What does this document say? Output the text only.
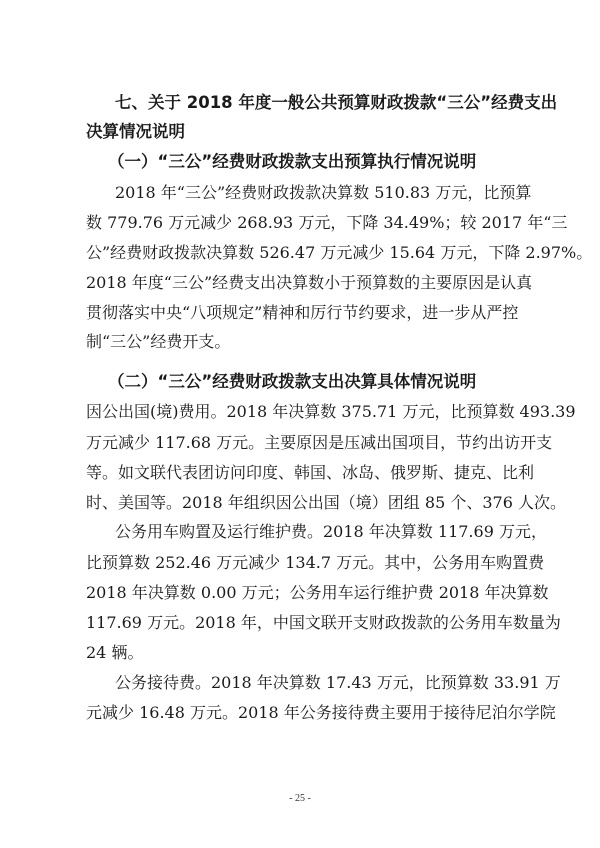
七、关于 2018 年度一般公共预算财政拨款“三公”经费支出
决算情况说明
（一）“三公”经费财政拨款支出预算执行情况说明
2018 年“三公”经费财政拨款决算数 510.83 万元，比预算
数 779.76 万元减少 268.93 万元，下降 34.49%；较 2017 年“三
公”经费财政拨款决算数 526.47 万元减少 15.64 万元，下降 2.97%。
2018 年度“三公”经费支出决算数小于预算数的主要原因是认真
贯彻落实中央“八项规定”精神和厉行节约要求，进一步从严控
制“三公”经费开支。
（二）“三公”经费财政拨款支出决算具体情况说明
因公出国(境)费用。2018 年决算数 375.71 万元，比预算数 493.39
万元减少 117.68 万元。主要原因是压减出国项目，节约出访开支
等。如文联代表团访问印度、韩国、冰岛、俄罗斯、捷克、比利
时、美国等。2018 年组织因公出国（境）团组 85 个、376 人次。
公务用车购置及运行维护费。2018 年决算数 117.69 万元，
比预算数 252.46 万元减少 134.7 万元。其中，公务用车购置费
2018 年决算数 0.00 万元；公务用车运行维护费 2018 年决算数
117.69 万元。2018 年，中国文联开支财政拨款的公务用车数量为
24 辆。
公务接待费。2018 年决算数 17.43 万元，比预算数 33.91 万
元减少 16.48 万元。2018 年公务接待费主要用于接待尼泊尔学院
- 25 -
